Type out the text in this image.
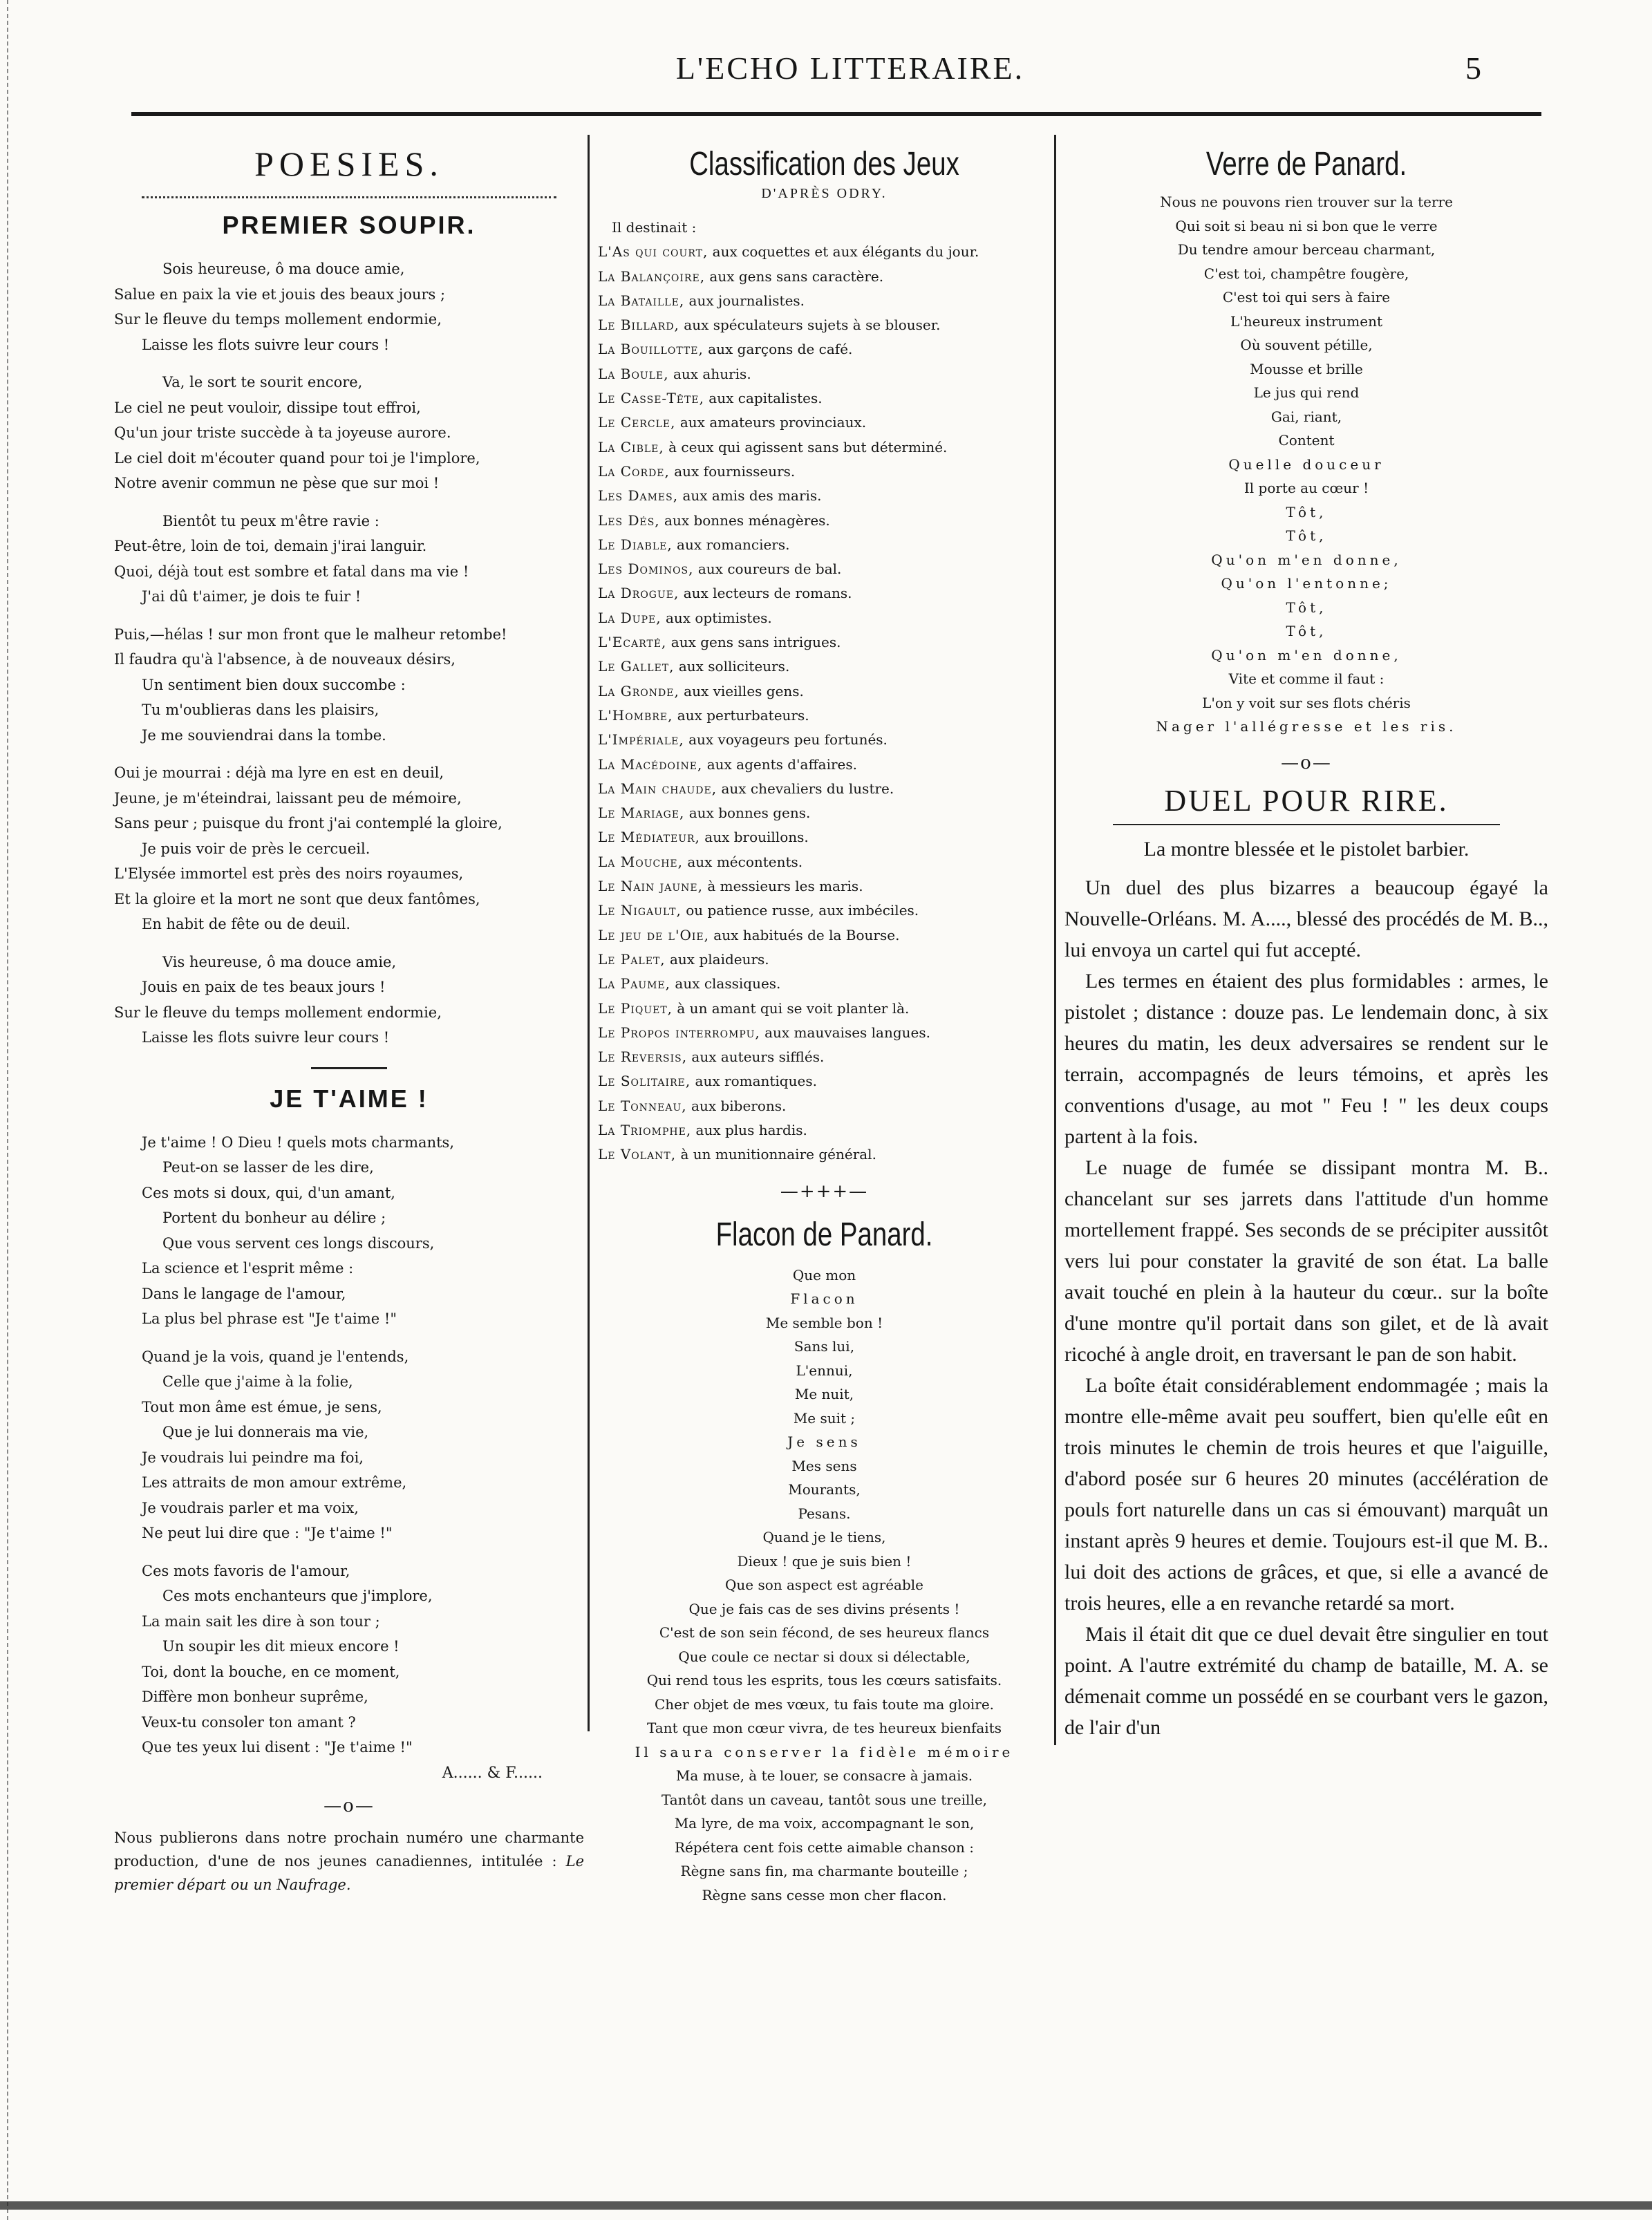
L'ECHO LITTERAIRE.	5
POESIES.
PREMIER SOUPIR.
Sois heureuse, ô ma douce amie,
Salue en paix la vie et jouis des beaux jours ;
Sur le fleuve du temps mollement endormie,
Laisse les flots suivre leur cours !
Va, le sort te sourit encore,
Le ciel ne peut vouloir, dissipe tout effroi,
Qu'un jour triste succède à ta joyeuse aurore.
Le ciel doit m'écouter quand pour toi je l'implore,
Notre avenir commun ne pèse que sur moi !
Bientôt tu peux m'être ravie :
Peut-être, loin de toi, demain j'irai languir.
Quoi, déjà tout est sombre et fatal dans ma vie !
J'ai dû t'aimer, je dois te fuir !
Puis,—hélas ! sur mon front que le malheur retombe!
Il faudra qu'à l'absence, à de nouveaux désirs,
Un sentiment bien doux succombe :
Tu m'oublieras dans les plaisirs,
Je me souviendrai dans la tombe.
Oui je mourrai : déjà ma lyre en est en deuil,
Jeune, je m'éteindrai, laissant peu de mémoire,
Sans peur ; puisque du front j'ai contemplé la gloire,
Je puis voir de près le cercueil.
L'Elysée immortel est près des noirs royaumes,
Et la gloire et la mort ne sont que deux fantômes,
En habit de fête ou de deuil.
Vis heureuse, ô ma douce amie,
Jouis en paix de tes beaux jours !
Sur le fleuve du temps mollement endormie,
Laisse les flots suivre leur cours !
JE T'AIME !
Je t'aime ! O Dieu ! quels mots charmants,
Peut-on se lasser de les dire,
Ces mots si doux, qui, d'un amant,
Portent du bonheur au délire ;
Que vous servent ces longs discours,
La science et l'esprit même :
Dans le langage de l'amour,
La plus bel phrase est "Je t'aime !"
Quand je la vois, quand je l'entends,
Celle que j'aime à la folie,
Tout mon âme est émue, je sens,
Que je lui donnerais ma vie,
Je voudrais lui peindre ma foi,
Les attraits de mon amour extrême,
Je voudrais parler et ma voix,
Ne peut lui dire que : "Je t'aime !"
Ces mots favoris de l'amour,
Ces mots enchanteurs que j'implore,
La main sait les dire à son tour ;
Un soupir les dit mieux encore !
Toi, dont la bouche, en ce moment,
Diffère mon bonheur suprême,
Veux-tu consoler ton amant ?
Que tes yeux lui disent : "Je t'aime !"
A...... & F......
—o—
Nous publierons dans notre prochain numéro une charmante production, d'une de nos jeunes canadiennes, intitulée : Le premier départ ou un Naufrage.
Classification des Jeux
D'APRÈS ODRY.
Il destinait :
L'As qui court, aux coquettes et aux élégants du jour.
La Balançoire, aux gens sans caractère.
La Bataille, aux journalistes.
Le Billard, aux spéculateurs sujets à se blouser.
La Bouillotte, aux garçons de café.
La Boule, aux ahuris.
Le Casse-Tête, aux capitalistes.
Le Cercle, aux amateurs provinciaux.
La Cible, à ceux qui agissent sans but déterminé.
La Corde, aux fournisseurs.
Les Dames, aux amis des maris.
Les Dés, aux bonnes ménagères.
Le Diable, aux romanciers.
Les Dominos, aux coureurs de bal.
La Drogue, aux lecteurs de romans.
La Dupe, aux optimistes.
L'Ecarté, aux gens sans intrigues.
Le Gallet, aux solliciteurs.
La Gronde, aux vieilles gens.
L'Hombre, aux perturbateurs.
L'Impériale, aux voyageurs peu fortunés.
La Macédoine, aux agents d'affaires.
La Main chaude, aux chevaliers du lustre.
Le Mariage, aux bonnes gens.
Le Médiateur, aux brouillons.
La Mouche, aux mécontents.
Le Nain jaune, à messieurs les maris.
Le Nigault, ou patience russe, aux imbéciles.
Le jeu de l'Oie, aux habitués de la Bourse.
Le Palet, aux plaideurs.
La Paume, aux classiques.
Le Piquet, à un amant qui se voit planter là.
Le Propos interrompu, aux mauvaises langues.
Le Reversis, aux auteurs sifflés.
Le Solitaire, aux romantiques.
Le Tonneau, aux biberons.
La Triomphe, aux plus hardis.
Le Volant, à un munitionnaire général.
—+++—
Flacon de Panard.
Que mon
Flacon
Me semble bon !
Sans lui,
L'ennui,
Me nuit,
Me suit ;
Je sens
Mes sens
Mourants,
Pesans.
Quand je le tiens,
Dieux ! que je suis bien !
Que son aspect est agréable
Que je fais cas de ses divins présents !
C'est de son sein fécond, de ses heureux flancs
Que coule ce nectar si doux si délectable,
Qui rend tous les esprits, tous les cœurs satisfaits.
Cher objet de mes vœux, tu fais toute ma gloire.
Tant que mon cœur vivra, de tes heureux bienfaits
Il saura conserver la fidèle mémoire
Ma muse, à te louer, se consacre à jamais.
Tantôt dans un caveau, tantôt sous une treille,
Ma lyre, de ma voix, accompagnant le son,
Répétera cent fois cette aimable chanson :
Règne sans fin, ma charmante bouteille ;
Règne sans cesse mon cher flacon.
Verre de Panard.
Nous ne pouvons rien trouver sur la terre
Qui soit si beau ni si bon que le verre
Du tendre amour berceau charmant,
C'est toi, champêtre fougère,
C'est toi qui sers à faire
L'heureux instrument
Où souvent pétille,
Mousse et brille
Le jus qui rend
Gai, riant,
Content
Quelle douceur
Il porte au cœur !
Tôt,
Tôt,
Qu'on m'en donne,
Qu'on l'entonne;
Tôt,
Tôt,
Qu'on m'en donne,
Vite et comme il faut :
L'on y voit sur ses flots chéris
Nager l'allégresse et les ris.
—o—
DUEL POUR RIRE.
La montre blessée et le pistolet barbier.

Un duel des plus bizarres a beaucoup égayé la Nouvelle-Orléans. M. A...., blessé des procédés de M. B.., lui envoya un cartel qui fut accepté.

Les termes en étaient des plus formidables : armes, le pistolet ; distance : douze pas. Le lendemain donc, à six heures du matin, les deux adversaires se rendent sur le terrain, accompagnés de leurs témoins, et après les conventions d'usage, au mot " Feu ! " les deux coups partent à la fois.

Le nuage de fumée se dissipant montra M. B.. chancelant sur ses jarrets dans l'attitude d'un homme mortellement frappé. Ses seconds de se précipiter aussitôt vers lui pour constater la gravité de son état. La balle avait touché en plein à la hauteur du cœur.. sur la boîte d'une montre qu'il portait dans son gilet, et de là avait ricoché à angle droit, en traversant le pan de son habit.

La boîte était considérablement endommagée ; mais la montre elle-même avait peu souffert, bien qu'elle eût en trois minutes le chemin de trois heures et que l'aiguille, d'abord posée sur 6 heures 20 minutes (accélération de pouls fort naturelle dans un cas si émouvant) marquât un instant après 9 heures et demie. Toujours est-il que M. B.. lui doit des actions de grâces, et que, si elle a avancé de trois heures, elle a en revanche retardé sa mort.

Mais il était dit que ce duel devait être singulier en tout point. A l'autre extrémité du champ de bataille, M. A. se démenait comme un possédé en se courbant vers le gazon, de l'air d'un
